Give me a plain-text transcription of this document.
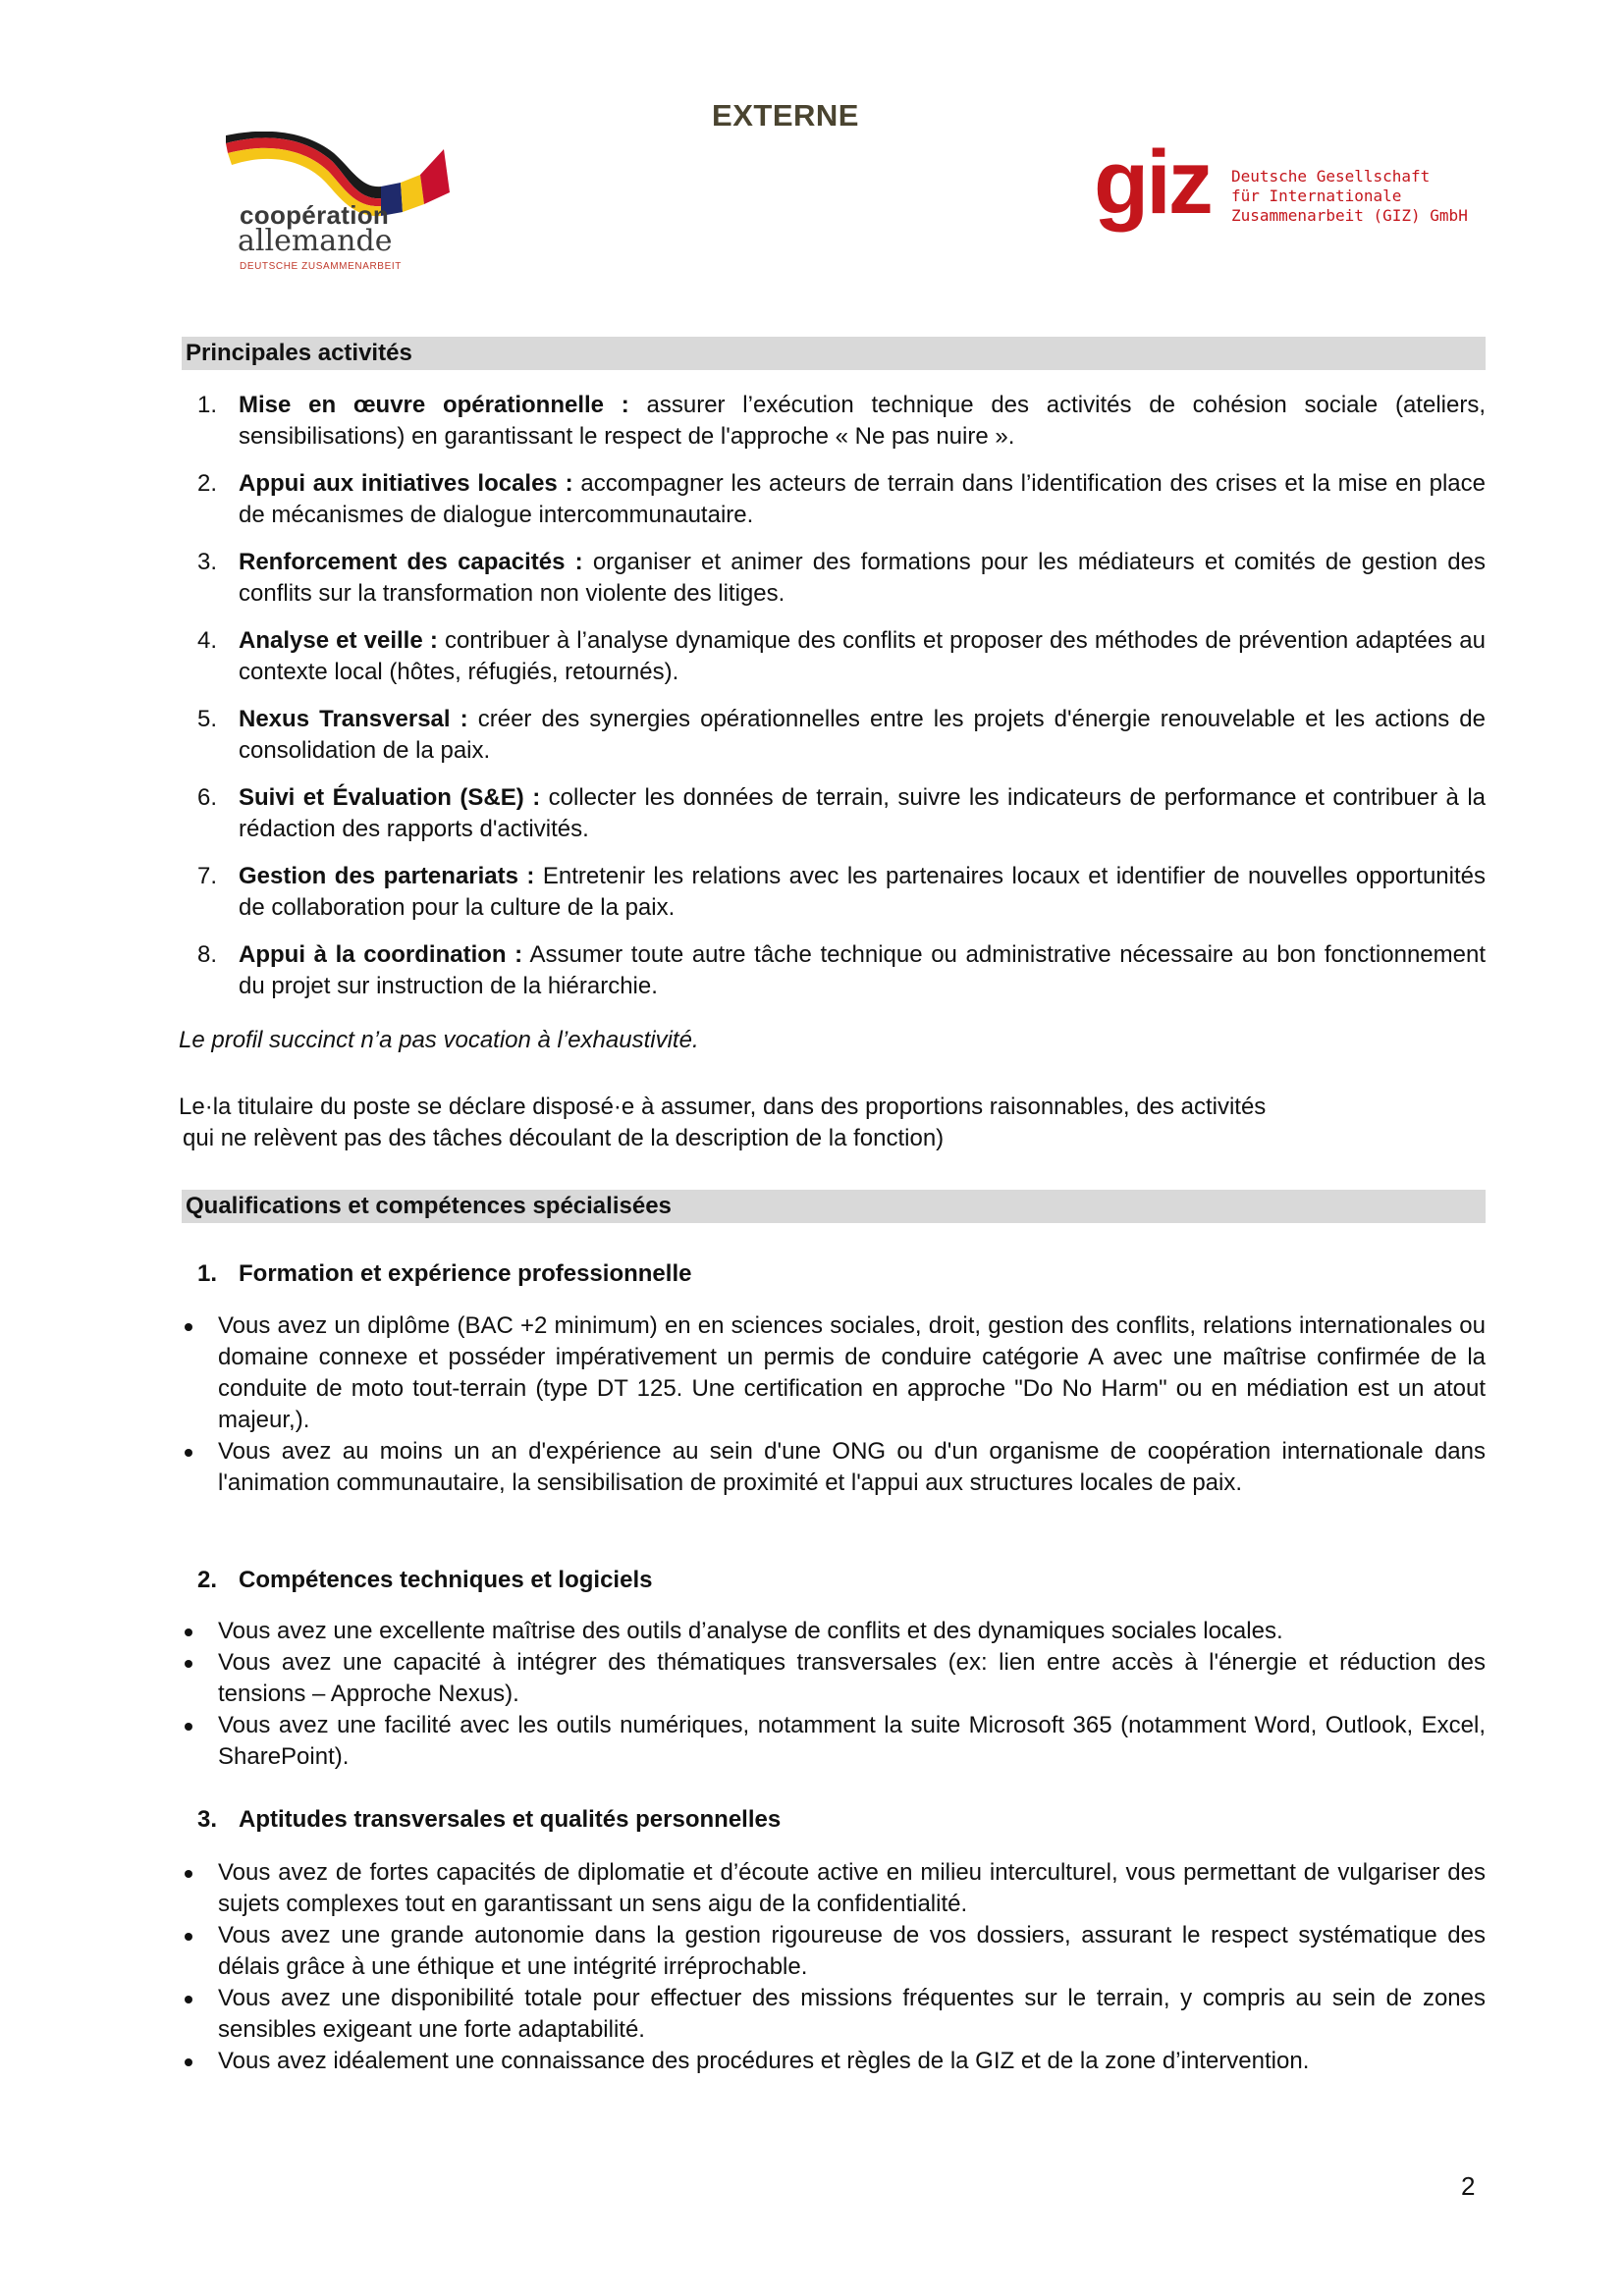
EXTERNE
coopération
allemande
DEUTSCHE ZUSAMMENARBEIT
giz Deutsche Gesellschaft
für Internationale
Zusammenarbeit (GIZ) GmbH
Principales activités
1. Mise en œuvre opérationnelle : assurer l’exécution technique des activités de cohésion sociale (ateliers, sensibilisations) en garantissant le respect de l'approche « Ne pas nuire ».
2. Appui aux initiatives locales : accompagner les acteurs de terrain dans l’identification des crises et la mise en place de mécanismes de dialogue intercommunautaire.
3. Renforcement des capacités : organiser et animer des formations pour les médiateurs et comités de gestion des conflits sur la transformation non violente des litiges.
4. Analyse et veille : contribuer à l’analyse dynamique des conflits et proposer des méthodes de prévention adaptées au contexte local (hôtes, réfugiés, retournés).
5. Nexus Transversal : créer des synergies opérationnelles entre les projets d'énergie renouvelable et les actions de consolidation de la paix.
6. Suivi et Évaluation (S&E) : collecter les données de terrain, suivre les indicateurs de performance et contribuer à la rédaction des rapports d'activités.
7. Gestion des partenariats : Entretenir les relations avec les partenaires locaux et identifier de nouvelles opportunités de collaboration pour la culture de la paix.
8. Appui à la coordination : Assumer toute autre tâche technique ou administrative nécessaire au bon fonctionnement du projet sur instruction de la hiérarchie.
Le profil succinct n’a pas vocation à l’exhaustivité.
Le·la titulaire du poste se déclare disposé·e à assumer, dans des proportions raisonnables, des activités
qui ne relèvent pas des tâches découlant de la description de la fonction)
Qualifications et compétences spécialisées
1. Formation et expérience professionnelle
Vous avez un diplôme (BAC +2 minimum) en en sciences sociales, droit, gestion des conflits, relations internationales ou domaine connexe et posséder impérativement un permis de conduire catégorie A avec une maîtrise confirmée de la conduite de moto tout-terrain (type DT 125. Une certification en approche "Do No Harm" ou en médiation est un atout majeur,).
Vous avez au moins un an d'expérience au sein d'une ONG ou d'un organisme de coopération internationale dans l'animation communautaire, la sensibilisation de proximité et l'appui aux structures locales de paix.
2. Compétences techniques et logiciels
Vous avez une excellente maîtrise des outils d’analyse de conflits et des dynamiques sociales locales.
Vous avez une capacité à intégrer des thématiques transversales (ex: lien entre accès à l'énergie et réduction des tensions – Approche Nexus).
Vous avez une facilité avec les outils numériques, notamment la suite Microsoft 365 (notamment Word, Outlook, Excel, SharePoint).
3. Aptitudes transversales et qualités personnelles
Vous avez de fortes capacités de diplomatie et d’écoute active en milieu interculturel, vous permettant de vulgariser des sujets complexes tout en garantissant un sens aigu de la confidentialité.
Vous avez une grande autonomie dans la gestion rigoureuse de vos dossiers, assurant le respect systématique des délais grâce à une éthique et une intégrité irréprochable.
Vous avez une disponibilité totale pour effectuer des missions fréquentes sur le terrain, y compris au sein de zones sensibles exigeant une forte adaptabilité.
Vous avez idéalement une connaissance des procédures et règles de la GIZ et de la zone d’intervention.
2
